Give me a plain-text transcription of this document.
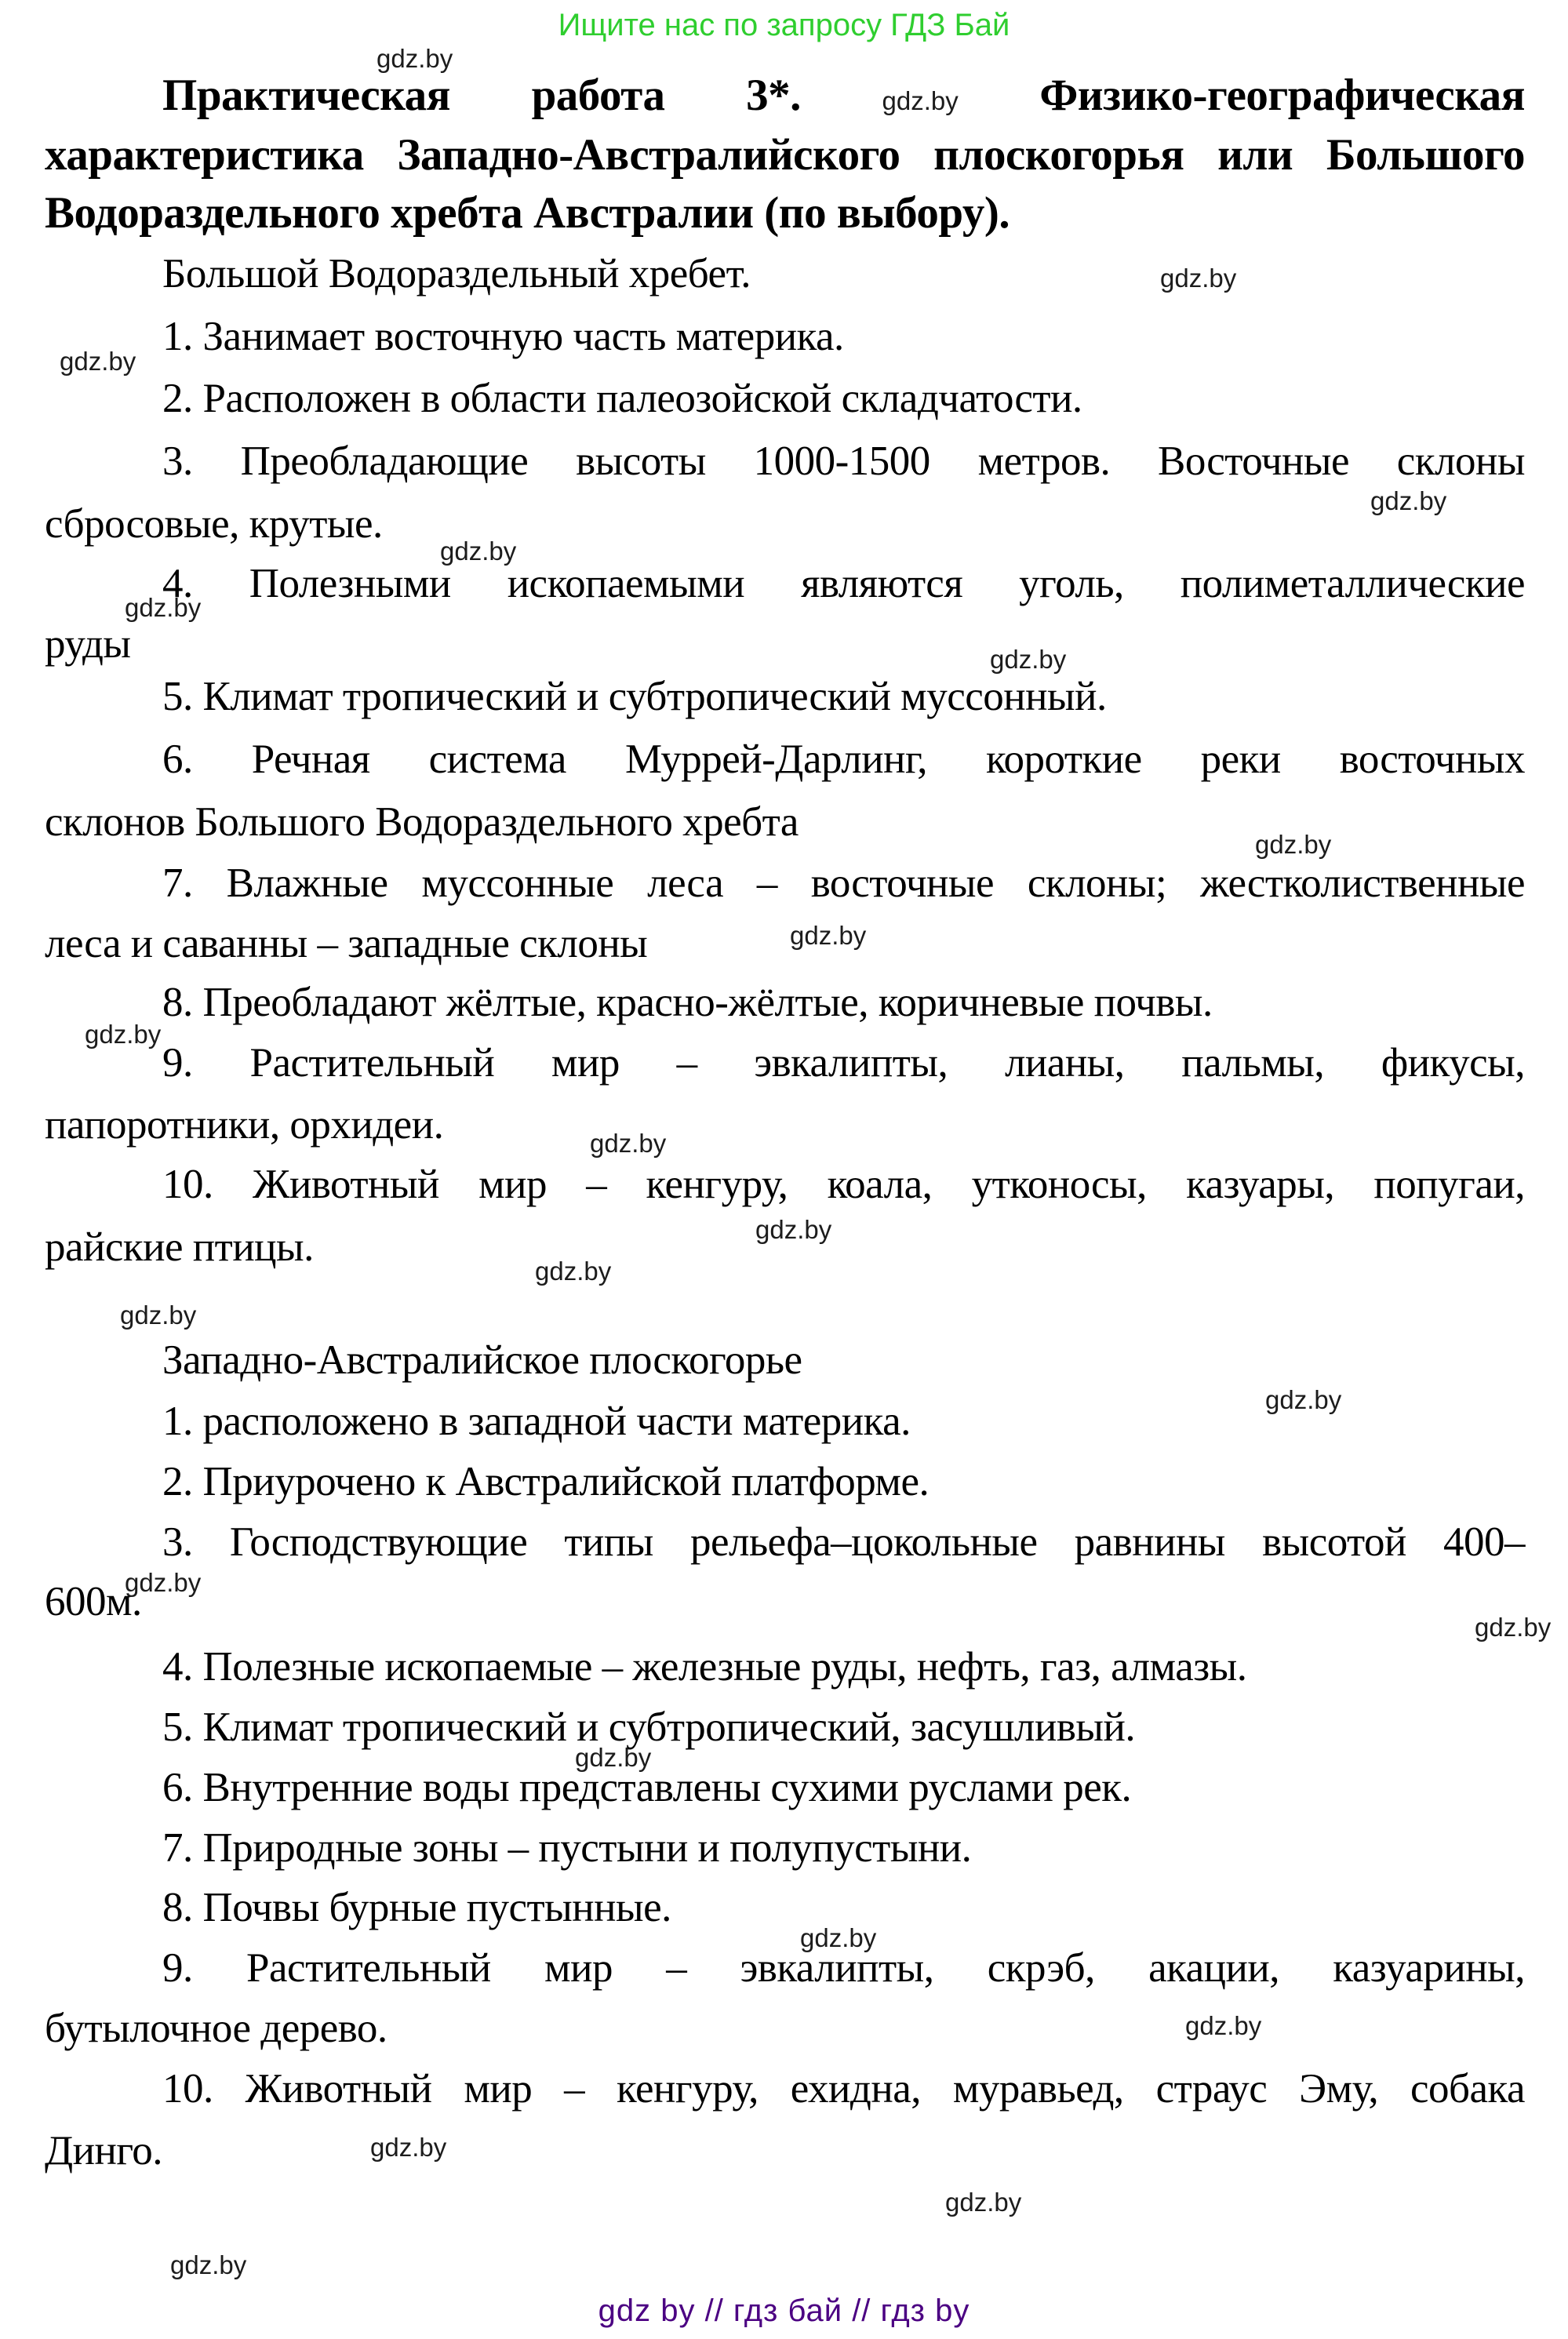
Ищите нас по запросу ГДЗ Бай
Практическая работа 3*.	gdz.by Физико-географическая
характеристика Западно-Австралийского плоскогорья или Большого
Водораздельного хребта Австралии (по выбору).
Большой Водораздельный хребет.
1. Занимает восточную часть материка.
2. Расположен в области палеозойской складчатости.
3. Преобладающие высоты 1000-1500 метров. Восточные склоны
сбросовые, крутые.
4. Полезными ископаемыми являются уголь, полиметаллические
руды
5. Климат тропический и субтропический муссонный.
6. Речная система Муррей-Дарлинг, короткие реки восточных
склонов Большого Водораздельного хребта
7. Влажные муссонные леса – восточные склоны; жестколиственные
леса и саванны – западные склоны
8. Преобладают жёлтые, красно-жёлтые, коричневые почвы.
9. Растительный мир – эвкалипты, лианы, пальмы, фикусы,
папоротники, орхидеи.
10. Животный мир – кенгуру, коала, утконосы, казуары, попугаи,
райские птицы.
Западно-Австралийское плоскогорье
1. расположено в западной части материка.
2. Приурочено к Австралийской платформе.
3. Господствующие типы рельефа–цокольные равнины высотой 400–
600м.
4. Полезные ископаемые – железные руды, нефть, газ, алмазы.
5. Климат тропический и субтропический, засушливый.
6. Внутренние воды представлены сухими руслами рек.
7. Природные зоны – пустыни и полупустыни.
8. Почвы бурные пустынные.
9. Растительный мир – эвкалипты, скрэб, акации, казуарины,
бутылочное дерево.
10. Животный мир – кенгуру, ехидна, муравьед, страус Эму, собака
Динго.
gdz.by
gdz.by
gdz.by
gdz.by
gdz.by
gdz.by
gdz.by
gdz.by
gdz.by
gdz.by
gdz.by
gdz.by
gdz.by
gdz.by
gdz.by
gdz.by
gdz.by
gdz.by
gdz.by
gdz.by
gdz.by
gdz.by
gdz.by
gdz by // гдз бай // гдз by
